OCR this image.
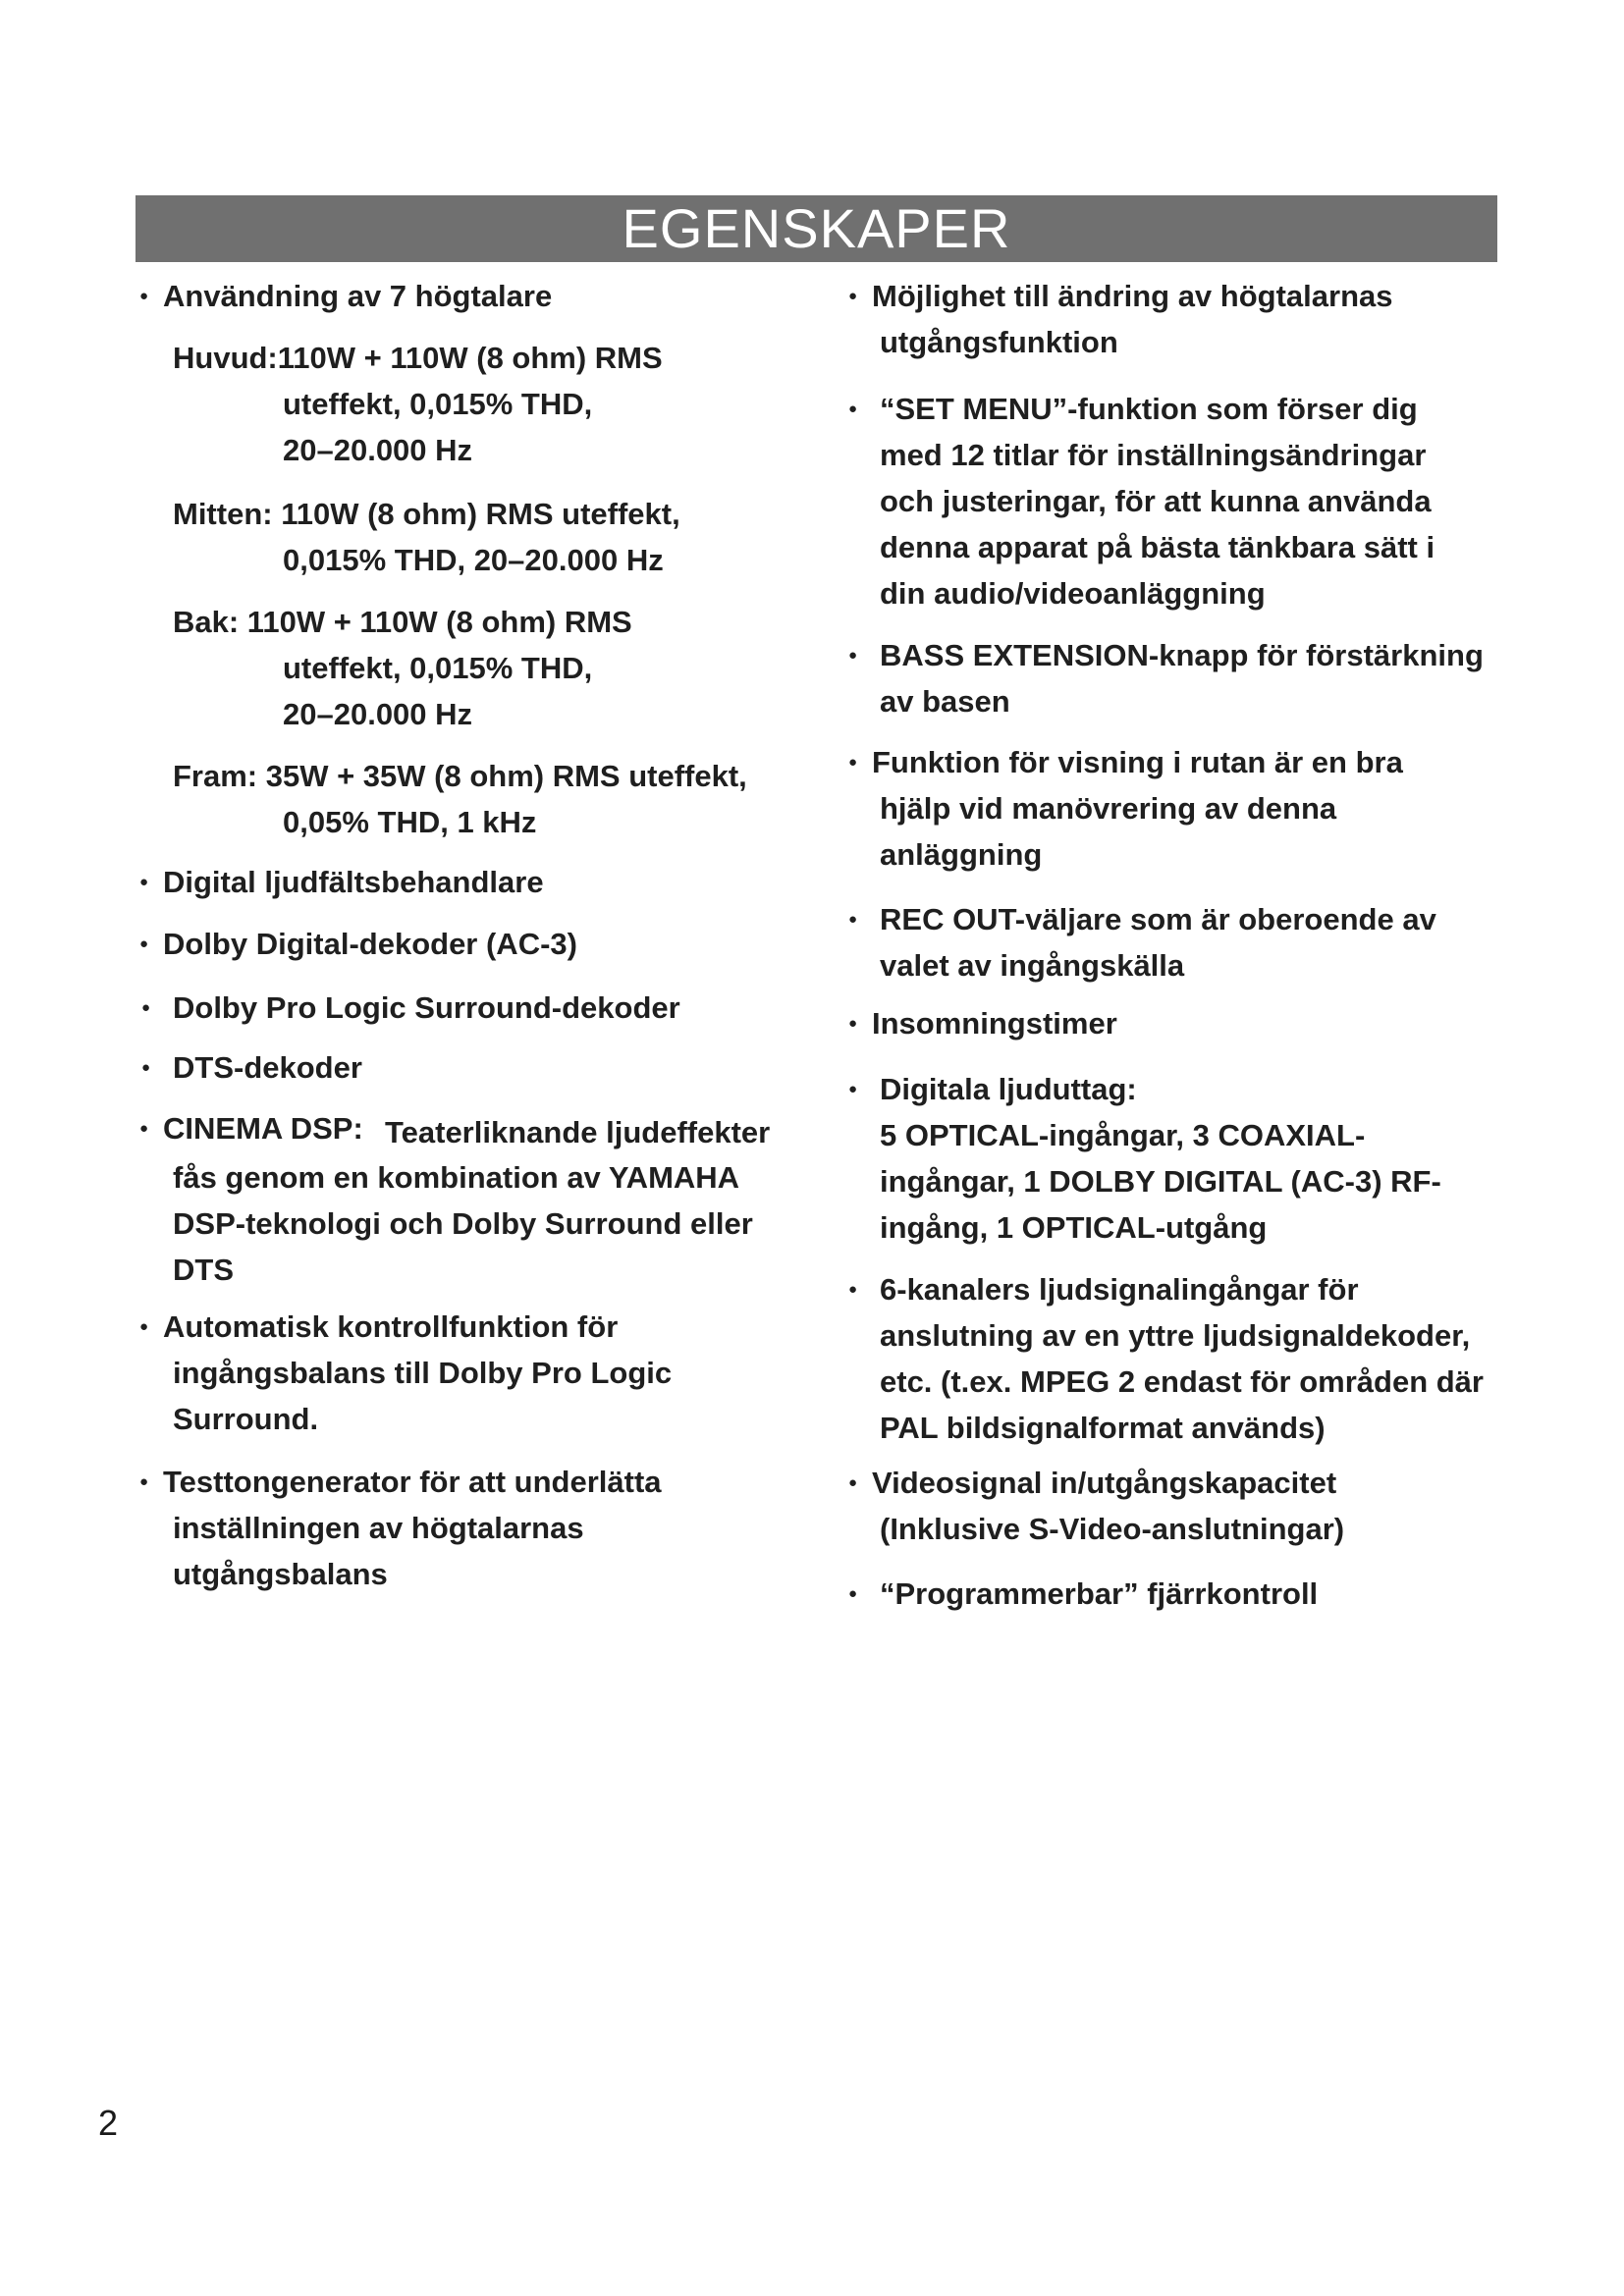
EGENSKAPER
● Användning av 7 högtalare
Huvud:110W + 110W (8 ohm) RMS
uteffekt, 0,015% THD,
20–20.000 Hz
Mitten: 110W (8 ohm) RMS uteffekt,
0,015% THD, 20–20.000 Hz
Bak: 110W + 110W (8 ohm) RMS
uteffekt, 0,015% THD,
20–20.000 Hz
Fram: 35W + 35W (8 ohm) RMS uteffekt,
0,05% THD, 1 kHz
● Digital ljudfältsbehandlare
● Dolby Digital-dekoder (AC-3)
● Dolby Pro Logic Surround-dekoder
● DTS-dekoder
● CINEMA DSP: Teaterliknande ljudeffekter
fås genom en kombination av YAMAHA
DSP-teknologi och Dolby Surround eller
DTS
● Automatisk kontrollfunktion för
ingångsbalans till Dolby Pro Logic
Surround.
● Testtongenerator för att underlätta
inställningen av högtalarnas
utgångsbalans
● Möjlighet till ändring av högtalarnas
utgångsfunktion
● “SET MENU”-funktion som förser dig
med 12 titlar för inställningsändringar
och justeringar, för att kunna använda
denna apparat på bästa tänkbara sätt i
din audio/videoanläggning
● BASS EXTENSION-knapp för förstärkning
av basen
● Funktion för visning i rutan är en bra
hjälp vid manövrering av denna
anläggning
● REC OUT-väljare som är oberoende av
valet av ingångskälla
● Insomningstimer
● Digitala ljuduttag:
5 OPTICAL-ingångar, 3 COAXIAL-
ingångar, 1 DOLBY DIGITAL (AC-3) RF-
ingång, 1 OPTICAL-utgång
● 6-kanalers ljudsignalingångar för
anslutning av en yttre ljudsignaldekoder,
etc. (t.ex. MPEG 2 endast för områden där
PAL bildsignalformat används)
● Videosignal in/utgångskapacitet
(Inklusive S-Video-anslutningar)
● “Programmerbar” fjärrkontroll
2
